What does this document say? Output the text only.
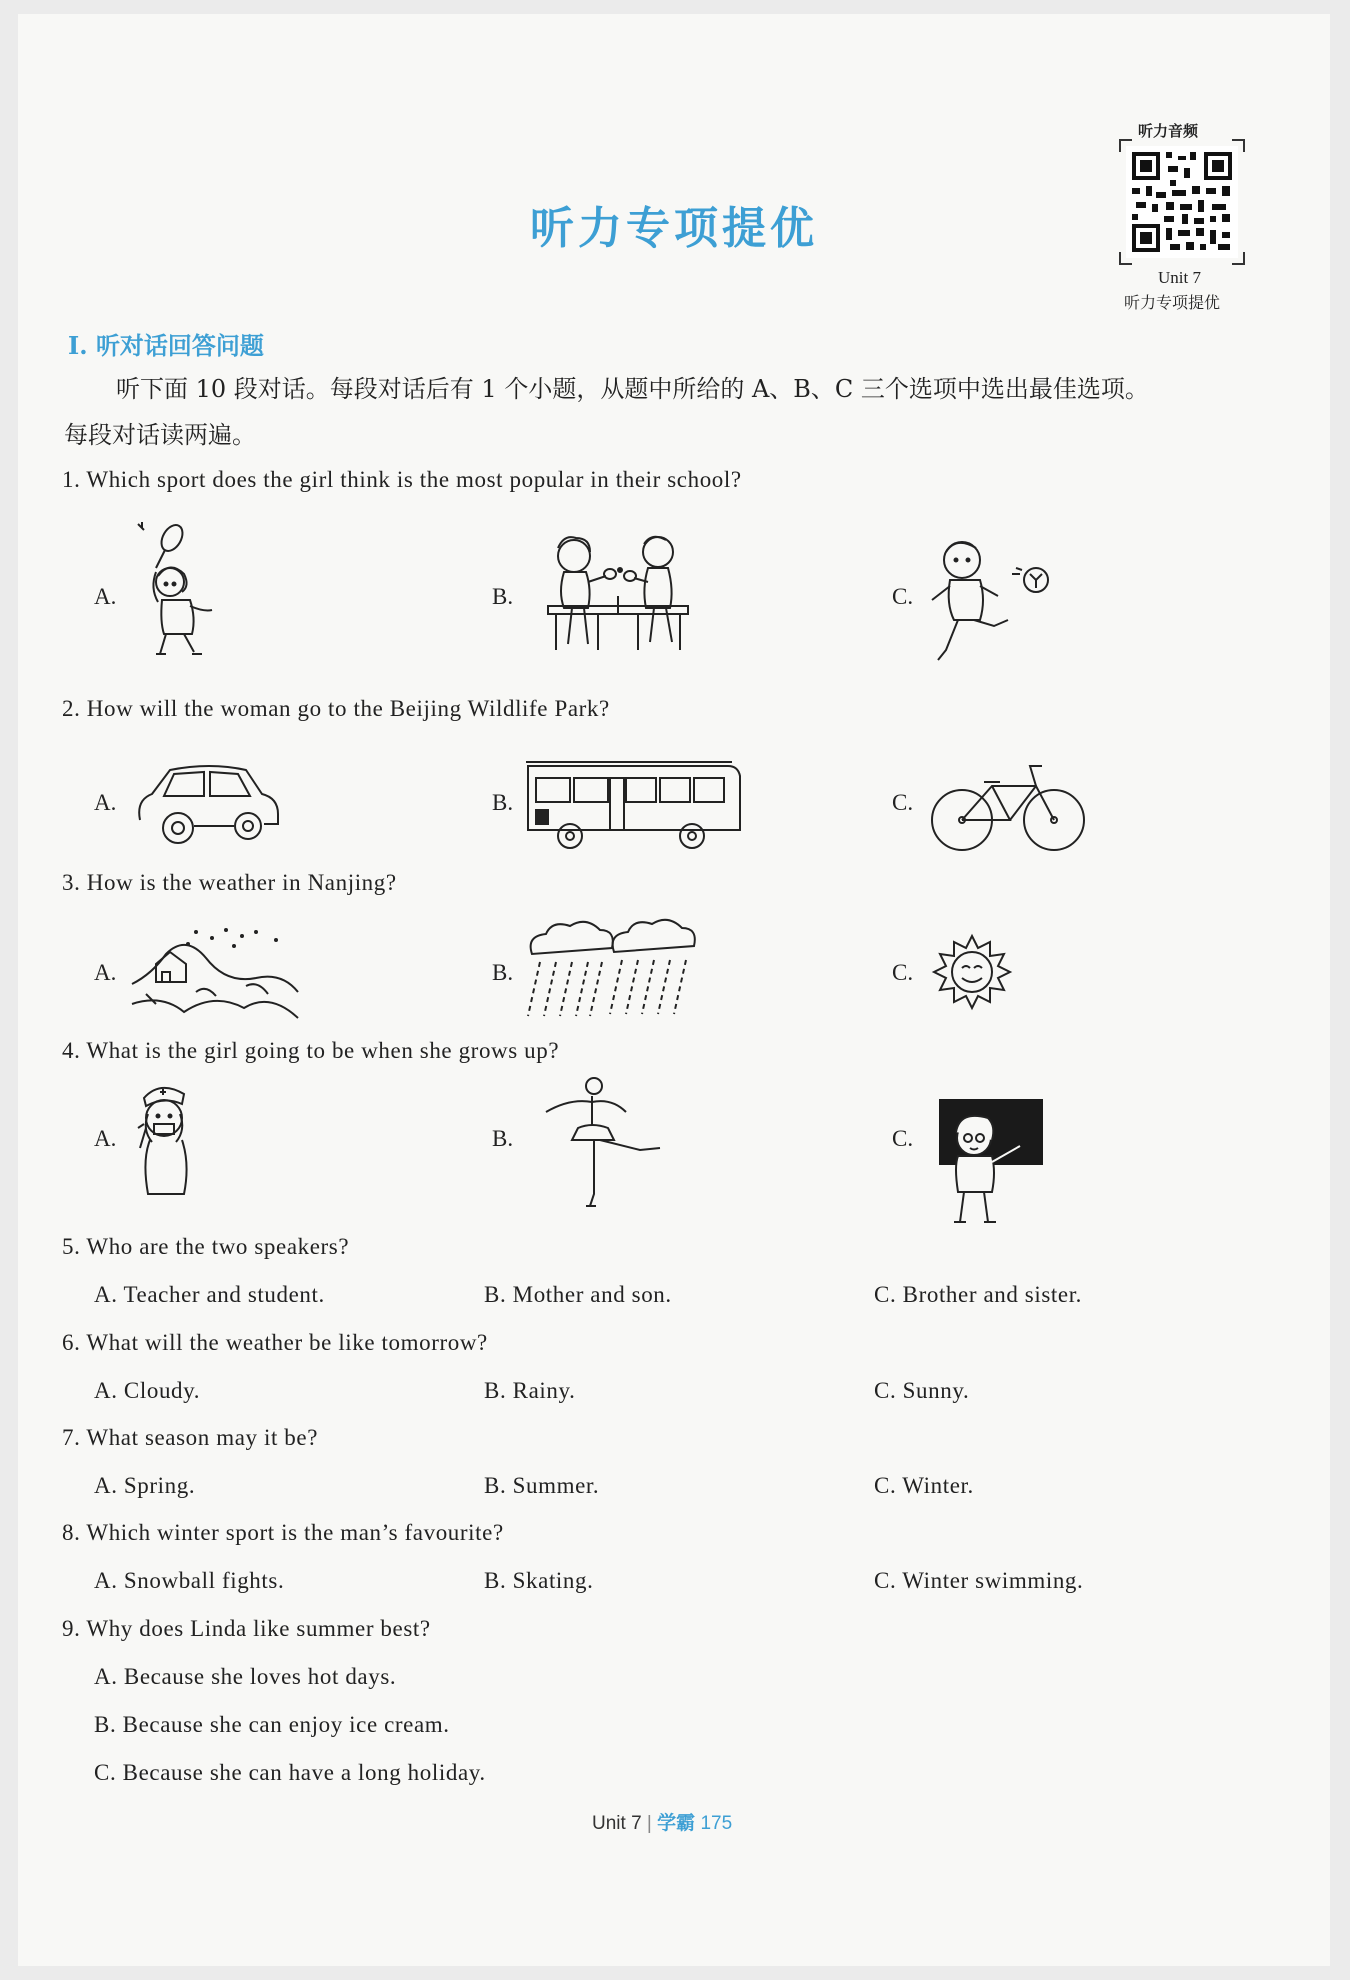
听力专项提优
听力音频
Unit 7
听力专项提优
Ⅰ. 听对话回答问题
听下面 10 段对话。每段对话后有 1 个小题，从题中所给的 A、B、C 三个选项中选出最佳选项。
每段对话读两遍。
1. Which sport does the girl think is the most popular in their school?
A.	B.	C.
2. How will the woman go to the Beijing Wildlife Park?
A.	B.	C.
3. How is the weather in Nanjing?
A.	B.	C.
4. What is the girl going to be when she grows up?
A.	B.	C.
5. Who are the two speakers?
A. Teacher and student.	B. Mother and son.	C. Brother and sister.
6. What will the weather be like tomorrow?
A. Cloudy.	B. Rainy.	C. Sunny.
7. What season may it be?
A. Spring.	B. Summer.	C. Winter.
8. Which winter sport is the man’s favourite?
A. Snowball fights.	B. Skating.	C. Winter swimming.
9. Why does Linda like summer best?
A. Because she loves hot days.
B. Because she can enjoy ice cream.
C. Because she can have a long holiday.
Unit 7 | 学霸 175
